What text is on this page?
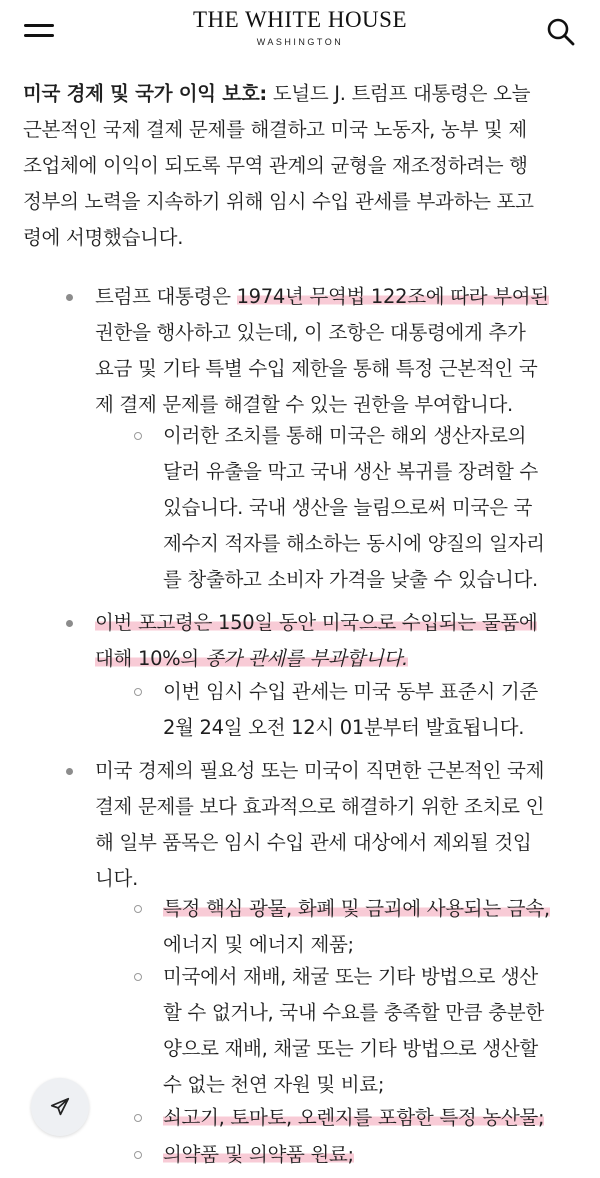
THE WHITE HOUSE
WASHINGTON
미국 경제 및 국가 이익 보호: 도널드 J. 트럼프 대통령은 오늘
근본적인 국제 결제 문제를 해결하고 미국 노동자, 농부 및 제
조업체에 이익이 되도록 무역 관계의 균형을 재조정하려는 행
정부의 노력을 지속하기 위해 임시 수입 관세를 부과하는 포고
령에 서명했습니다.
트럼프 대통령은 1974년 무역법 122조에 따라 부여된
권한을 행사하고 있는데, 이 조항은 대통령에게 추가
요금 및 기타 특별 수입 제한을 통해 특정 근본적인 국
제 결제 문제를 해결할 수 있는 권한을 부여합니다.
이러한 조치를 통해 미국은 해외 생산자로의
달러 유출을 막고 국내 생산 복귀를 장려할 수
있습니다. 국내 생산을 늘림으로써 미국은 국
제수지 적자를 해소하는 동시에 양질의 일자리
를 창출하고 소비자 가격을 낮출 수 있습니다.
이번 포고령은 150일 동안 미국으로 수입되는 물품에
대해 10%의 종가 관세를 부과합니다.
이번 임시 수입 관세는 미국 동부 표준시 기준
2월 24일 오전 12시 01분부터 발효됩니다.
미국 경제의 필요성 또는 미국이 직면한 근본적인 국제
결제 문제를 보다 효과적으로 해결하기 위한 조치로 인
해 일부 품목은 임시 수입 관세 대상에서 제외될 것입
니다.
특정 핵심 광물, 화폐 및 금괴에 사용되는 금속,
에너지 및 에너지 제품;
미국에서 재배, 채굴 또는 기타 방법으로 생산
할 수 없거나, 국내 수요를 충족할 만큼 충분한
양으로 재배, 채굴 또는 기타 방법으로 생산할
수 없는 천연 자원 및 비료;
쇠고기, 토마토, 오렌지를 포함한 특정 농산물;
의약품 및 의약품 원료;
